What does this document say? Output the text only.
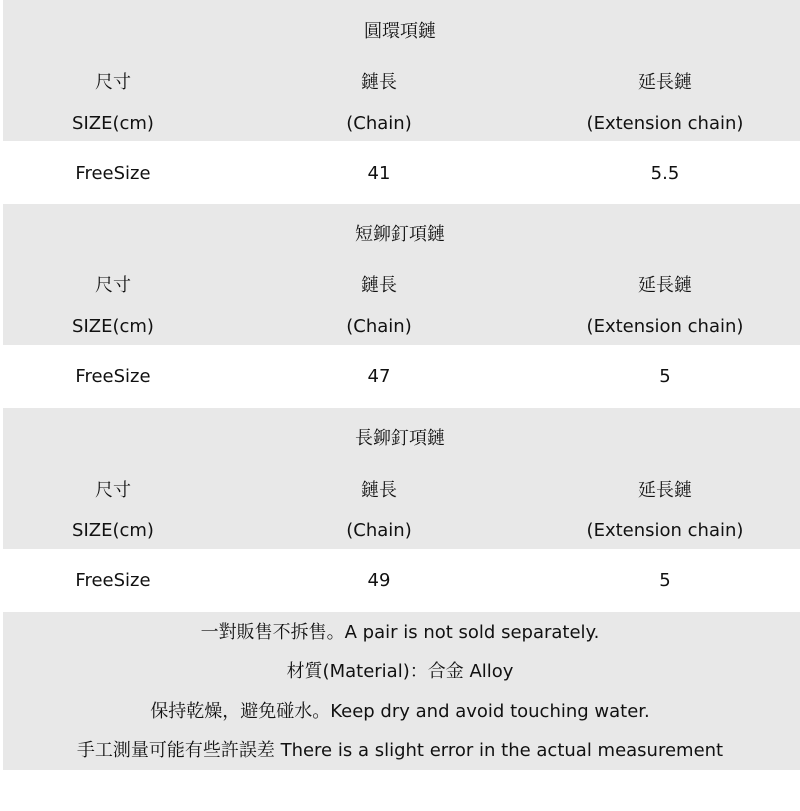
圓環項鏈
尺寸	鏈長	延長鏈
SIZE(cm)	(Chain)	(Extension chain)
FreeSize	41	5.5
短鉚釘項鏈
尺寸	鏈長	延長鏈
SIZE(cm)	(Chain)	(Extension chain)
FreeSize	47	5
長鉚釘項鏈
尺寸	鏈長	延長鏈
SIZE(cm)	(Chain)	(Extension chain)
FreeSize	49	5
一對販售不拆售。A pair is not sold separately.
材質(Material)：合金 Alloy
保持乾燥，避免碰水。Keep dry and avoid touching water.
手工測量可能有些許誤差 There is a slight error in the actual measurement
